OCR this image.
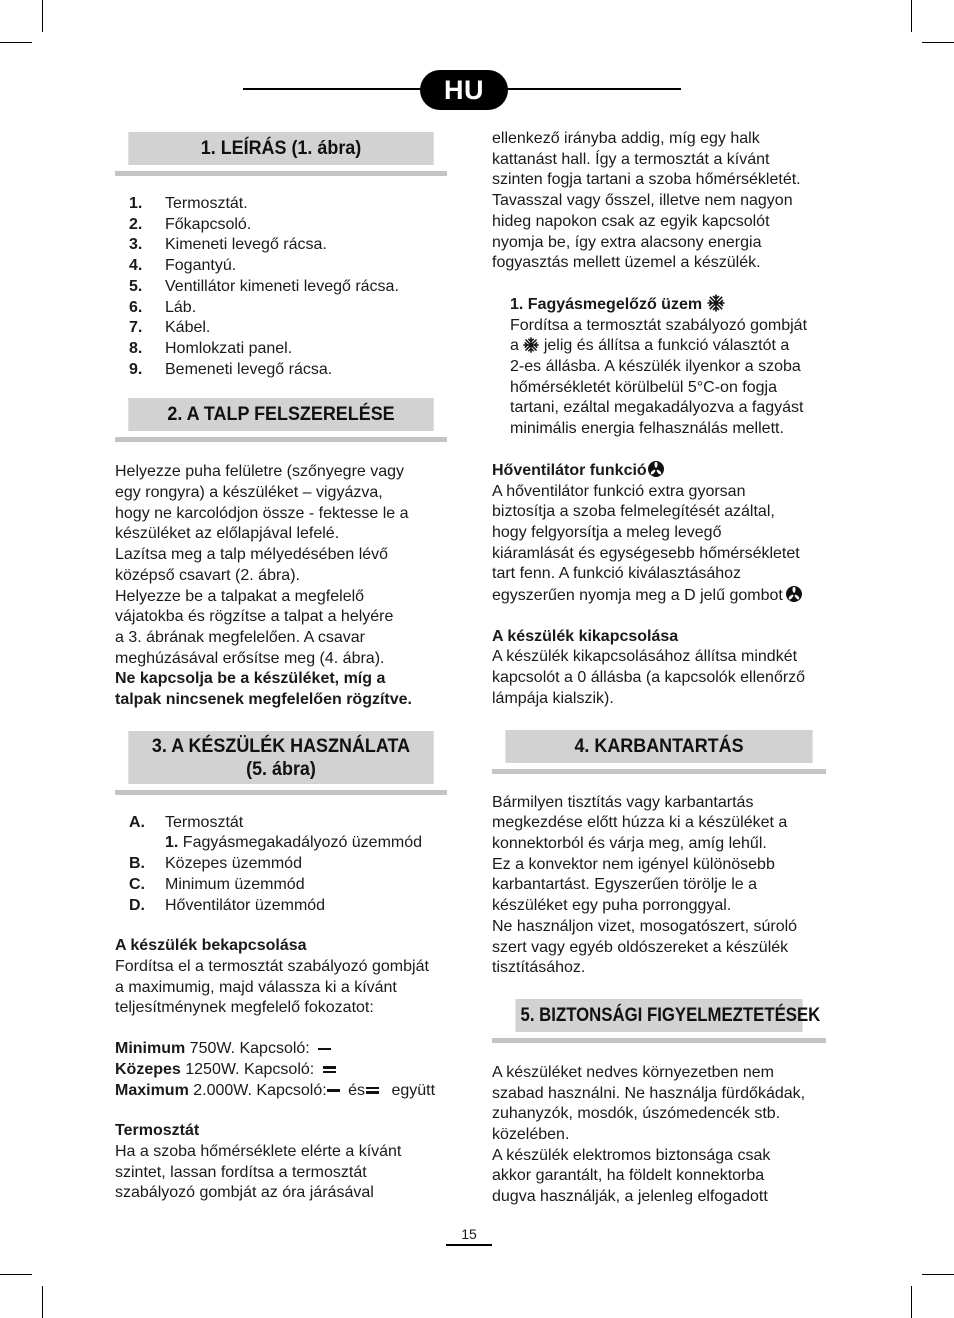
HU
1. LEÍRÁS (1. ábra)
1.	Termosztát.
2.	Főkapcsoló.
3.	Kimeneti levegő rácsa.
4.	Fogantyú.
5.	Ventillátor kimeneti levegő rácsa.
6.	Láb.
7.	Kábel.
8.	Homlokzati panel.
9.	Bemeneti levegő rácsa.
2. A TALP FELSZERELÉSE
Helyezze puha felületre (szőnyegre vagy
egy rongyra) a készüléket – vigyázva,
hogy ne karcolódjon össze - fektesse le a
készüléket az előlapjával lefelé.
Lazítsa meg a talp mélyedésében lévő
középső csavart (2. ábra).
Helyezze be a talpakat a megfelelő
vájatokba és rögzítse a talpat a helyére
a 3. ábrának megfelelően. A csavar
meghúzásával erősítse meg (4. ábra).
Ne kapcsolja be a készüléket, míg a
talpak nincsenek megfelelően rögzítve.
3. A KÉSZÜLÉK HASZNÁLATA
(5. ábra)
A.	Termosztát
1. Fagyásmegakadályozó üzemmód
B.	Közepes üzemmód
C.	Minimum üzemmód
D.	Hőventilátor üzemmód
A készülék bekapcsolása
Fordítsa el a termosztát szabályozó gombját
a maximumig, majd válassza ki a kívánt
teljesítménynek megfelelő fokozatot:
Minimum 750W. Kapcsoló:
Közepes 1250W. Kapcsoló:
Maximum 2.000W. Kapcsoló: és együtt
Termosztát
Ha a szoba hőmérséklete elérte a kívánt
szintet, lassan fordítsa a termosztát
szabályozó gombját az óra járásával
ellenkező irányba addig, míg egy halk
kattanást hall. Így a termosztát a kívánt
szinten fogja tartani a szoba hőmérsékletét.
Tavasszal vagy ősszel, illetve nem nagyon
hideg napokon csak az egyik kapcsolót
nyomja be, így extra alacsony energia
fogyasztás mellett üzemel a készülék.
1. Fagyásmegelőző üzem
Fordítsa a termosztát szabályozó gombját
a jelig és állítsa a funkció választót a
2-es állásba. A készülék ilyenkor a szoba
hőmérsékletét körülbelül 5°C-on fogja
tartani, ezáltal megakadályozva a fagyást
minimális energia felhasználás mellett.
Hőventilátor funkció
A hőventilátor funkció extra gyorsan
biztosítja a szoba felmelegítését azáltal,
hogy felgyorsítja a meleg levegő
kiáramlását és egységesebb hőmérsékletet
tart fenn. A funkció kiválasztásához
egyszerűen nyomja meg a D jelű gombot
A készülék kikapcsolása
A készülék kikapcsolásához állítsa mindkét
kapcsolót a 0 állásba (a kapcsolók ellenőrző
lámpája kialszik).
4. KARBANTARTÁS
Bármilyen tisztítás vagy karbantartás
megkezdése előtt húzza ki a készüléket a
konnektorból és várja meg, amíg lehűl.
Ez a konvektor nem igényel különösebb
karbantartást. Egyszerűen törölje le a
készüléket egy puha porronggyal.
Ne használjon vizet, mosogatószert, súroló
szert vagy egyéb oldószereket a készülék
tisztításához.
5. BIZTONSÁGI FIGYELMEZTETÉSEK
A készüléket nedves környezetben nem
szabad használni. Ne használja fürdőkádak,
zuhanyzók, mosdók, úszómedencék stb.
közelében.
A készülék elektromos biztonsága csak
akkor garantált, ha földelt konnektorba
dugva használják, a jelenleg elfogadott
15
